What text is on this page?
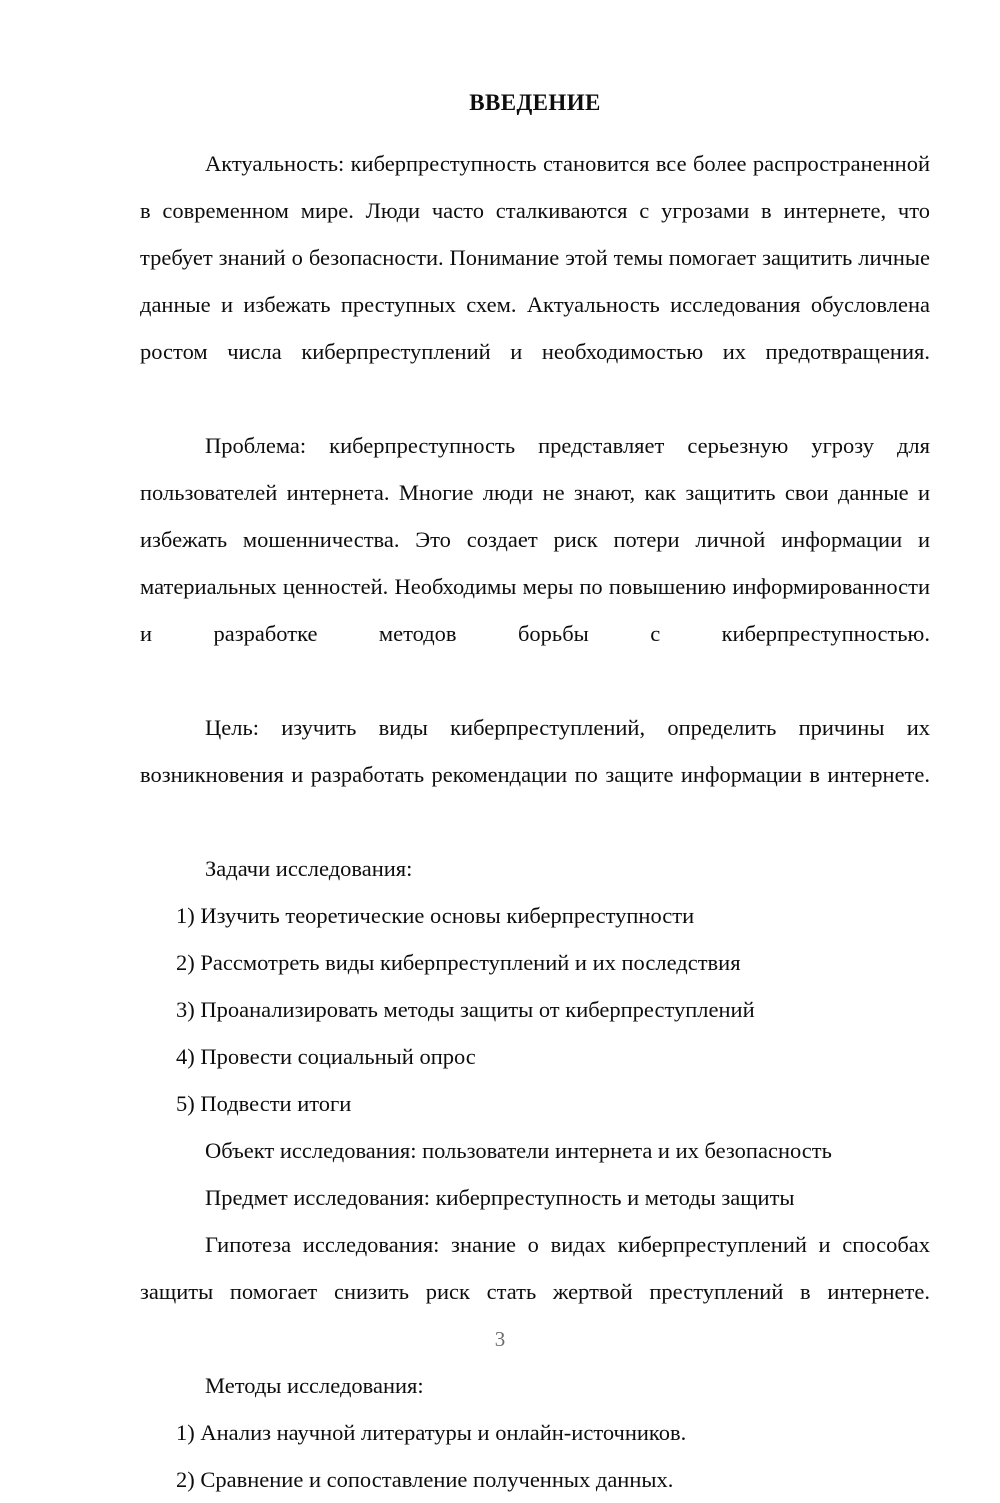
ВВЕДЕНИЕ

Актуальность: киберпреступность становится все более распространенной в современном мире. Люди часто сталкиваются с угрозами в интернете, что требует знаний о безопасности. Понимание этой темы помогает защитить личные данные и избежать преступных схем. Актуальность исследования обусловлена ростом числа киберпреступлений и необходимостью их предотвращения.

Проблема: киберпреступность представляет серьезную угрозу для пользователей интернета. Многие люди не знают, как защитить свои данные и избежать мошенничества. Это создает риск потери личной информации и материальных ценностей. Необходимы меры по повышению информированности и разработке методов борьбы с киберпреступностью.

Цель: изучить виды киберпреступлений, определить причины их возникновения и разработать рекомендации по защите информации в интернете.

Задачи исследования:

1) Изучить теоретические основы киберпреступности
2) Рассмотреть виды киберпреступлений и их последствия
3) Проанализировать методы защиты от киберпреступлений
4) Провести социальный опрос
5) Подвести итоги

Объект исследования: пользователи интернета и их безопасность

Предмет исследования: киберпреступность и методы защиты

Гипотеза исследования: знание о видах киберпреступлений и способах защиты помогает снизить риск стать жертвой преступлений в интернете.

Методы исследования:

1) Анализ научной литературы и онлайн-источников.
2) Сравнение и сопоставление полученных данных.
3
